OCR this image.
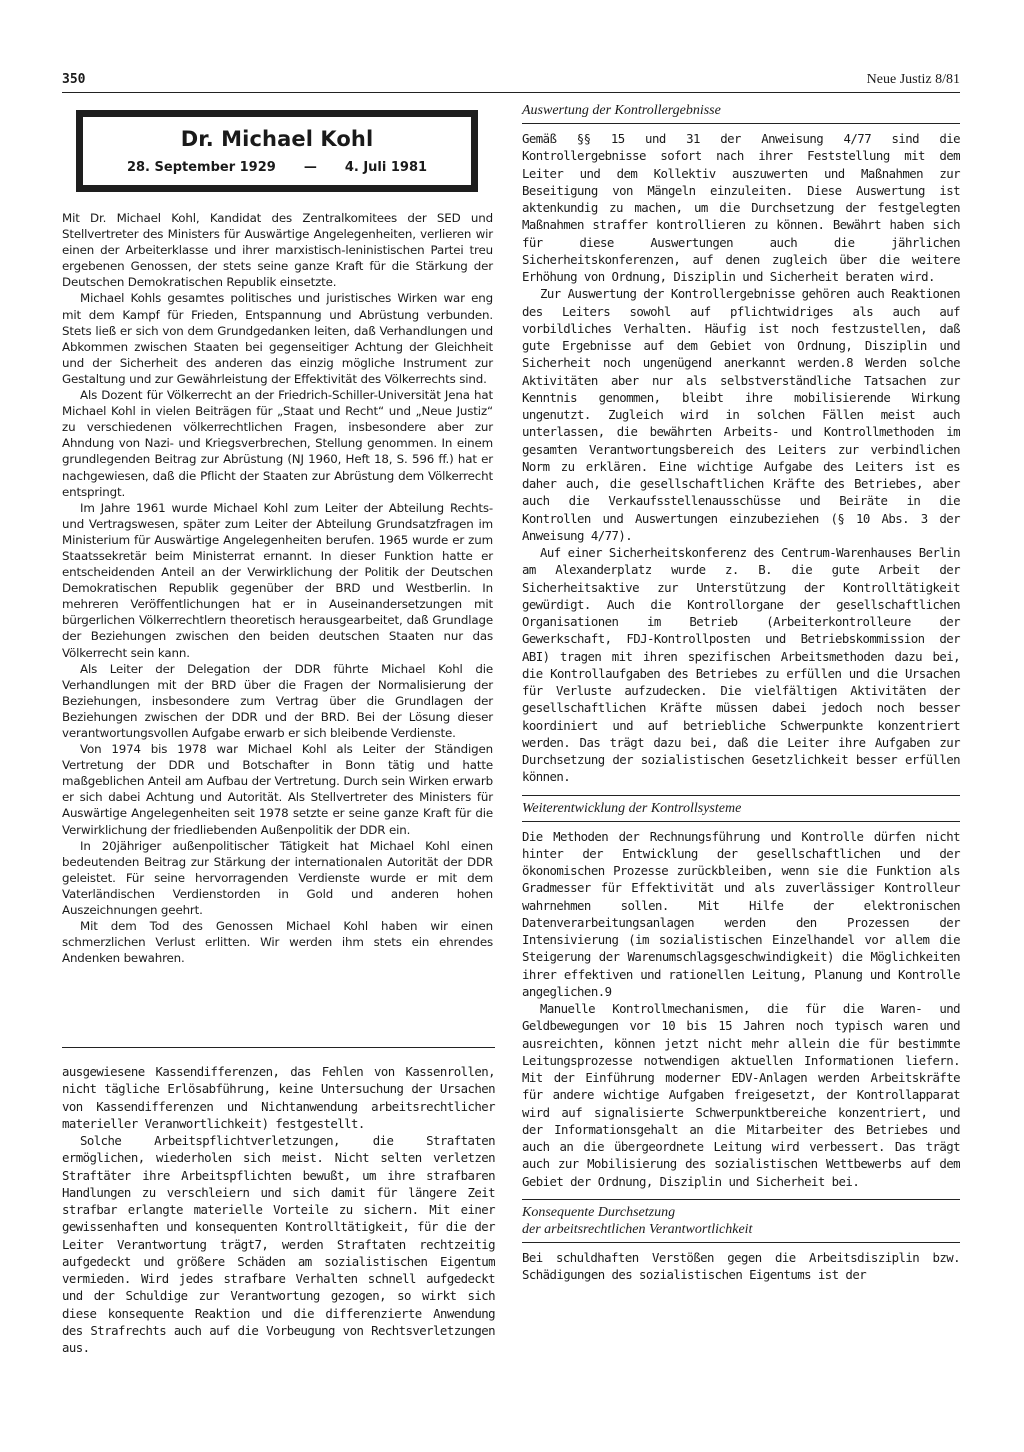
350	Neue Justiz 8/81
Dr. Michael Kohl
28. September 1929 — 4. Juli 1981

Mit Dr. Michael Kohl, Kandidat des Zentralkomitees der SED und Stellvertreter des Ministers für Auswärtige Angelegenheiten, verlieren wir einen der Arbeiterklasse und ihrer marxistisch-leninistischen Partei treu ergebenen Genossen, der stets seine ganze Kraft für die Stärkung der Deutschen Demokratischen Republik einsetzte.

Michael Kohls gesamtes politisches und juristisches Wirken war eng mit dem Kampf für Frieden, Entspannung und Abrüstung verbunden. Stets ließ er sich von dem Grundgedanken leiten, daß Verhandlungen und Abkommen zwischen Staaten bei gegenseitiger Achtung der Gleichheit und der Sicherheit des anderen das einzig mögliche Instrument zur Gestaltung und zur Gewährleistung der Effektivität des Völkerrechts sind.

Als Dozent für Völkerrecht an der Friedrich-Schiller-Universität Jena hat Michael Kohl in vielen Beiträgen für „Staat und Recht“ und „Neue Justiz“ zu verschiedenen völkerrechtlichen Fragen, insbesondere aber zur Ahndung von Nazi- und Kriegsverbrechen, Stellung genommen. In einem grundlegenden Beitrag zur Abrüstung (NJ 1960, Heft 18, S. 596 ff.) hat er nachgewiesen, daß die Pflicht der Staaten zur Abrüstung dem Völkerrecht entspringt.

Im Jahre 1961 wurde Michael Kohl zum Leiter der Abteilung Rechts- und Vertragswesen, später zum Leiter der Abteilung Grundsatzfragen im Ministerium für Auswärtige Angelegenheiten berufen. 1965 wurde er zum Staatssekretär beim Ministerrat ernannt. In dieser Funktion hatte er entscheidenden Anteil an der Verwirklichung der Politik der Deutschen Demokratischen Republik gegenüber der BRD und Westberlin. In mehreren Veröffentlichungen hat er in Auseinandersetzungen mit bürgerlichen Völkerrechtlern theoretisch herausgearbeitet, daß Grundlage der Beziehungen zwischen den beiden deutschen Staaten nur das Völkerrecht sein kann.

Als Leiter der Delegation der DDR führte Michael Kohl die Verhandlungen mit der BRD über die Fragen der Normalisierung der Beziehungen, insbesondere zum Vertrag über die Grundlagen der Beziehungen zwischen der DDR und der BRD. Bei der Lösung dieser verantwortungsvollen Aufgabe erwarb er sich bleibende Verdienste.

Von 1974 bis 1978 war Michael Kohl als Leiter der Ständigen Vertretung der DDR und Botschafter in Bonn tätig und hatte maßgeblichen Anteil am Aufbau der Vertretung. Durch sein Wirken erwarb er sich dabei Achtung und Autorität. Als Stellvertreter des Ministers für Auswärtige Angelegenheiten seit 1978 setzte er seine ganze Kraft für die Verwirklichung der friedliebenden Außenpolitik der DDR ein.

In 20jähriger außenpolitischer Tätigkeit hat Michael Kohl einen bedeutenden Beitrag zur Stärkung der internationalen Autorität der DDR geleistet. Für seine hervorragenden Verdienste wurde er mit dem Vaterländischen Verdienstorden in Gold und anderen hohen Auszeichnungen geehrt.

Mit dem Tod des Genossen Michael Kohl haben wir einen schmerzlichen Verlust erlitten. Wir werden ihm stets ein ehrendes Andenken bewahren.

ausgewiesene Kassendifferenzen, das Fehlen von Kassenrollen, nicht tägliche Erlösabführung, keine Untersuchung der Ursachen von Kassendifferenzen und Nichtanwendung arbeitsrechtlicher materieller Veranwortlichkeit) festgestellt.

Solche Arbeitspflichtverletzungen, die Straftaten ermöglichen, wiederholen sich meist. Nicht selten verletzen Straftäter ihre Arbeitspflichten bewußt, um ihre strafbaren Handlungen zu verschleiern und sich damit für längere Zeit strafbar erlangte materielle Vorteile zu sichern. Mit einer gewissenhaften und konsequenten Kontrolltätigkeit, für die der Leiter Verantwortung trägt7, werden Straftaten rechtzeitig aufgedeckt und größere Schäden am sozialistischen Eigentum vermieden. Wird jedes strafbare Verhalten schnell aufgedeckt und der Schuldige zur Verantwortung gezogen, so wirkt sich diese konsequente Reaktion und die differenzierte Anwendung des Strafrechts auch auf die Vorbeugung von Rechtsverletzungen aus.

Auswertung der Kontrollergebnisse

Gemäß §§ 15 und 31 der Anweisung 4/77 sind die Kontrollergebnisse sofort nach ihrer Feststellung mit dem Leiter und dem Kollektiv auszuwerten und Maßnahmen zur Beseitigung von Mängeln einzuleiten. Diese Auswertung ist aktenkundig zu machen, um die Durchsetzung der festgelegten Maßnahmen straffer kontrollieren zu können. Bewährt haben sich für diese Auswertungen auch die jährlichen Sicherheitskonferenzen, auf denen zugleich über die weitere Erhöhung von Ordnung, Disziplin und Sicherheit beraten wird.

Zur Auswertung der Kontrollergebnisse gehören auch Reaktionen des Leiters sowohl auf pflichtwidriges als auch auf vorbildliches Verhalten. Häufig ist noch festzustellen, daß gute Ergebnisse auf dem Gebiet von Ordnung, Disziplin und Sicherheit noch ungenügend anerkannt werden.8 Werden solche Aktivitäten aber nur als selbstverständliche Tatsachen zur Kenntnis genommen, bleibt ihre mobilisierende Wirkung ungenutzt. Zugleich wird in solchen Fällen meist auch unterlassen, die bewährten Arbeits- und Kontrollmethoden im gesamten Verantwortungsbereich des Leiters zur verbindlichen Norm zu erklären. Eine wichtige Aufgabe des Leiters ist es daher auch, die gesellschaftlichen Kräfte des Betriebes, aber auch die Verkaufsstellenausschüsse und Beiräte in die Kontrollen und Auswertungen einzubeziehen (§ 10 Abs. 3 der Anweisung 4/77).

Auf einer Sicherheitskonferenz des Centrum-Warenhauses Berlin am Alexanderplatz wurde z. B. die gute Arbeit der Sicherheitsaktive zur Unterstützung der Kontrolltätigkeit gewürdigt. Auch die Kontrollorgane der gesellschaftlichen Organisationen im Betrieb (Arbeiterkontrolleure der Gewerkschaft, FDJ-Kontrollposten und Betriebskommission der ABI) tragen mit ihren spezifischen Arbeitsmethoden dazu bei, die Kontrollaufgaben des Betriebes zu erfüllen und die Ursachen für Verluste aufzudecken. Die vielfältigen Aktivitäten der gesellschaftlichen Kräfte müssen dabei jedoch noch besser koordiniert und auf betriebliche Schwerpunkte konzentriert werden. Das trägt dazu bei, daß die Leiter ihre Aufgaben zur Durchsetzung der sozialistischen Gesetzlichkeit besser erfüllen können.

Weiterentwicklung der Kontrollsysteme

Die Methoden der Rechnungsführung und Kontrolle dürfen nicht hinter der Entwicklung der gesellschaftlichen und der ökonomischen Prozesse zurückbleiben, wenn sie die Funktion als Gradmesser für Effektivität und als zuverlässiger Kontrolleur wahrnehmen sollen. Mit Hilfe der elektronischen Datenverarbeitungsanlagen werden den Prozessen der Intensivierung (im sozialistischen Einzelhandel vor allem die Steigerung der Warenumschlagsgeschwindigkeit) die Möglichkeiten ihrer effektiven und rationellen Leitung, Planung und Kontrolle angeglichen.9

Manuelle Kontrollmechanismen, die für die Waren- und Geldbewegungen vor 10 bis 15 Jahren noch typisch waren und ausreichten, können jetzt nicht mehr allein die für bestimmte Leitungsprozesse notwendigen aktuellen Informationen liefern. Mit der Einführung moderner EDV-Anlagen werden Arbeitskräfte für andere wichtige Aufgaben freigesetzt, der Kontrollapparat wird auf signalisierte Schwerpunktbereiche konzentriert, und der Informationsgehalt an die Mitarbeiter des Betriebes und auch an die übergeordnete Leitung wird verbessert. Das trägt auch zur Mobilisierung des sozialistischen Wettbewerbs auf dem Gebiet der Ordnung, Disziplin und Sicherheit bei.

Konsequente Durchsetzung
der arbeitsrechtlichen Verantwortlichkeit

Bei schuldhaften Verstößen gegen die Arbeitsdisziplin bzw. Schädigungen des sozialistischen Eigentums ist der
